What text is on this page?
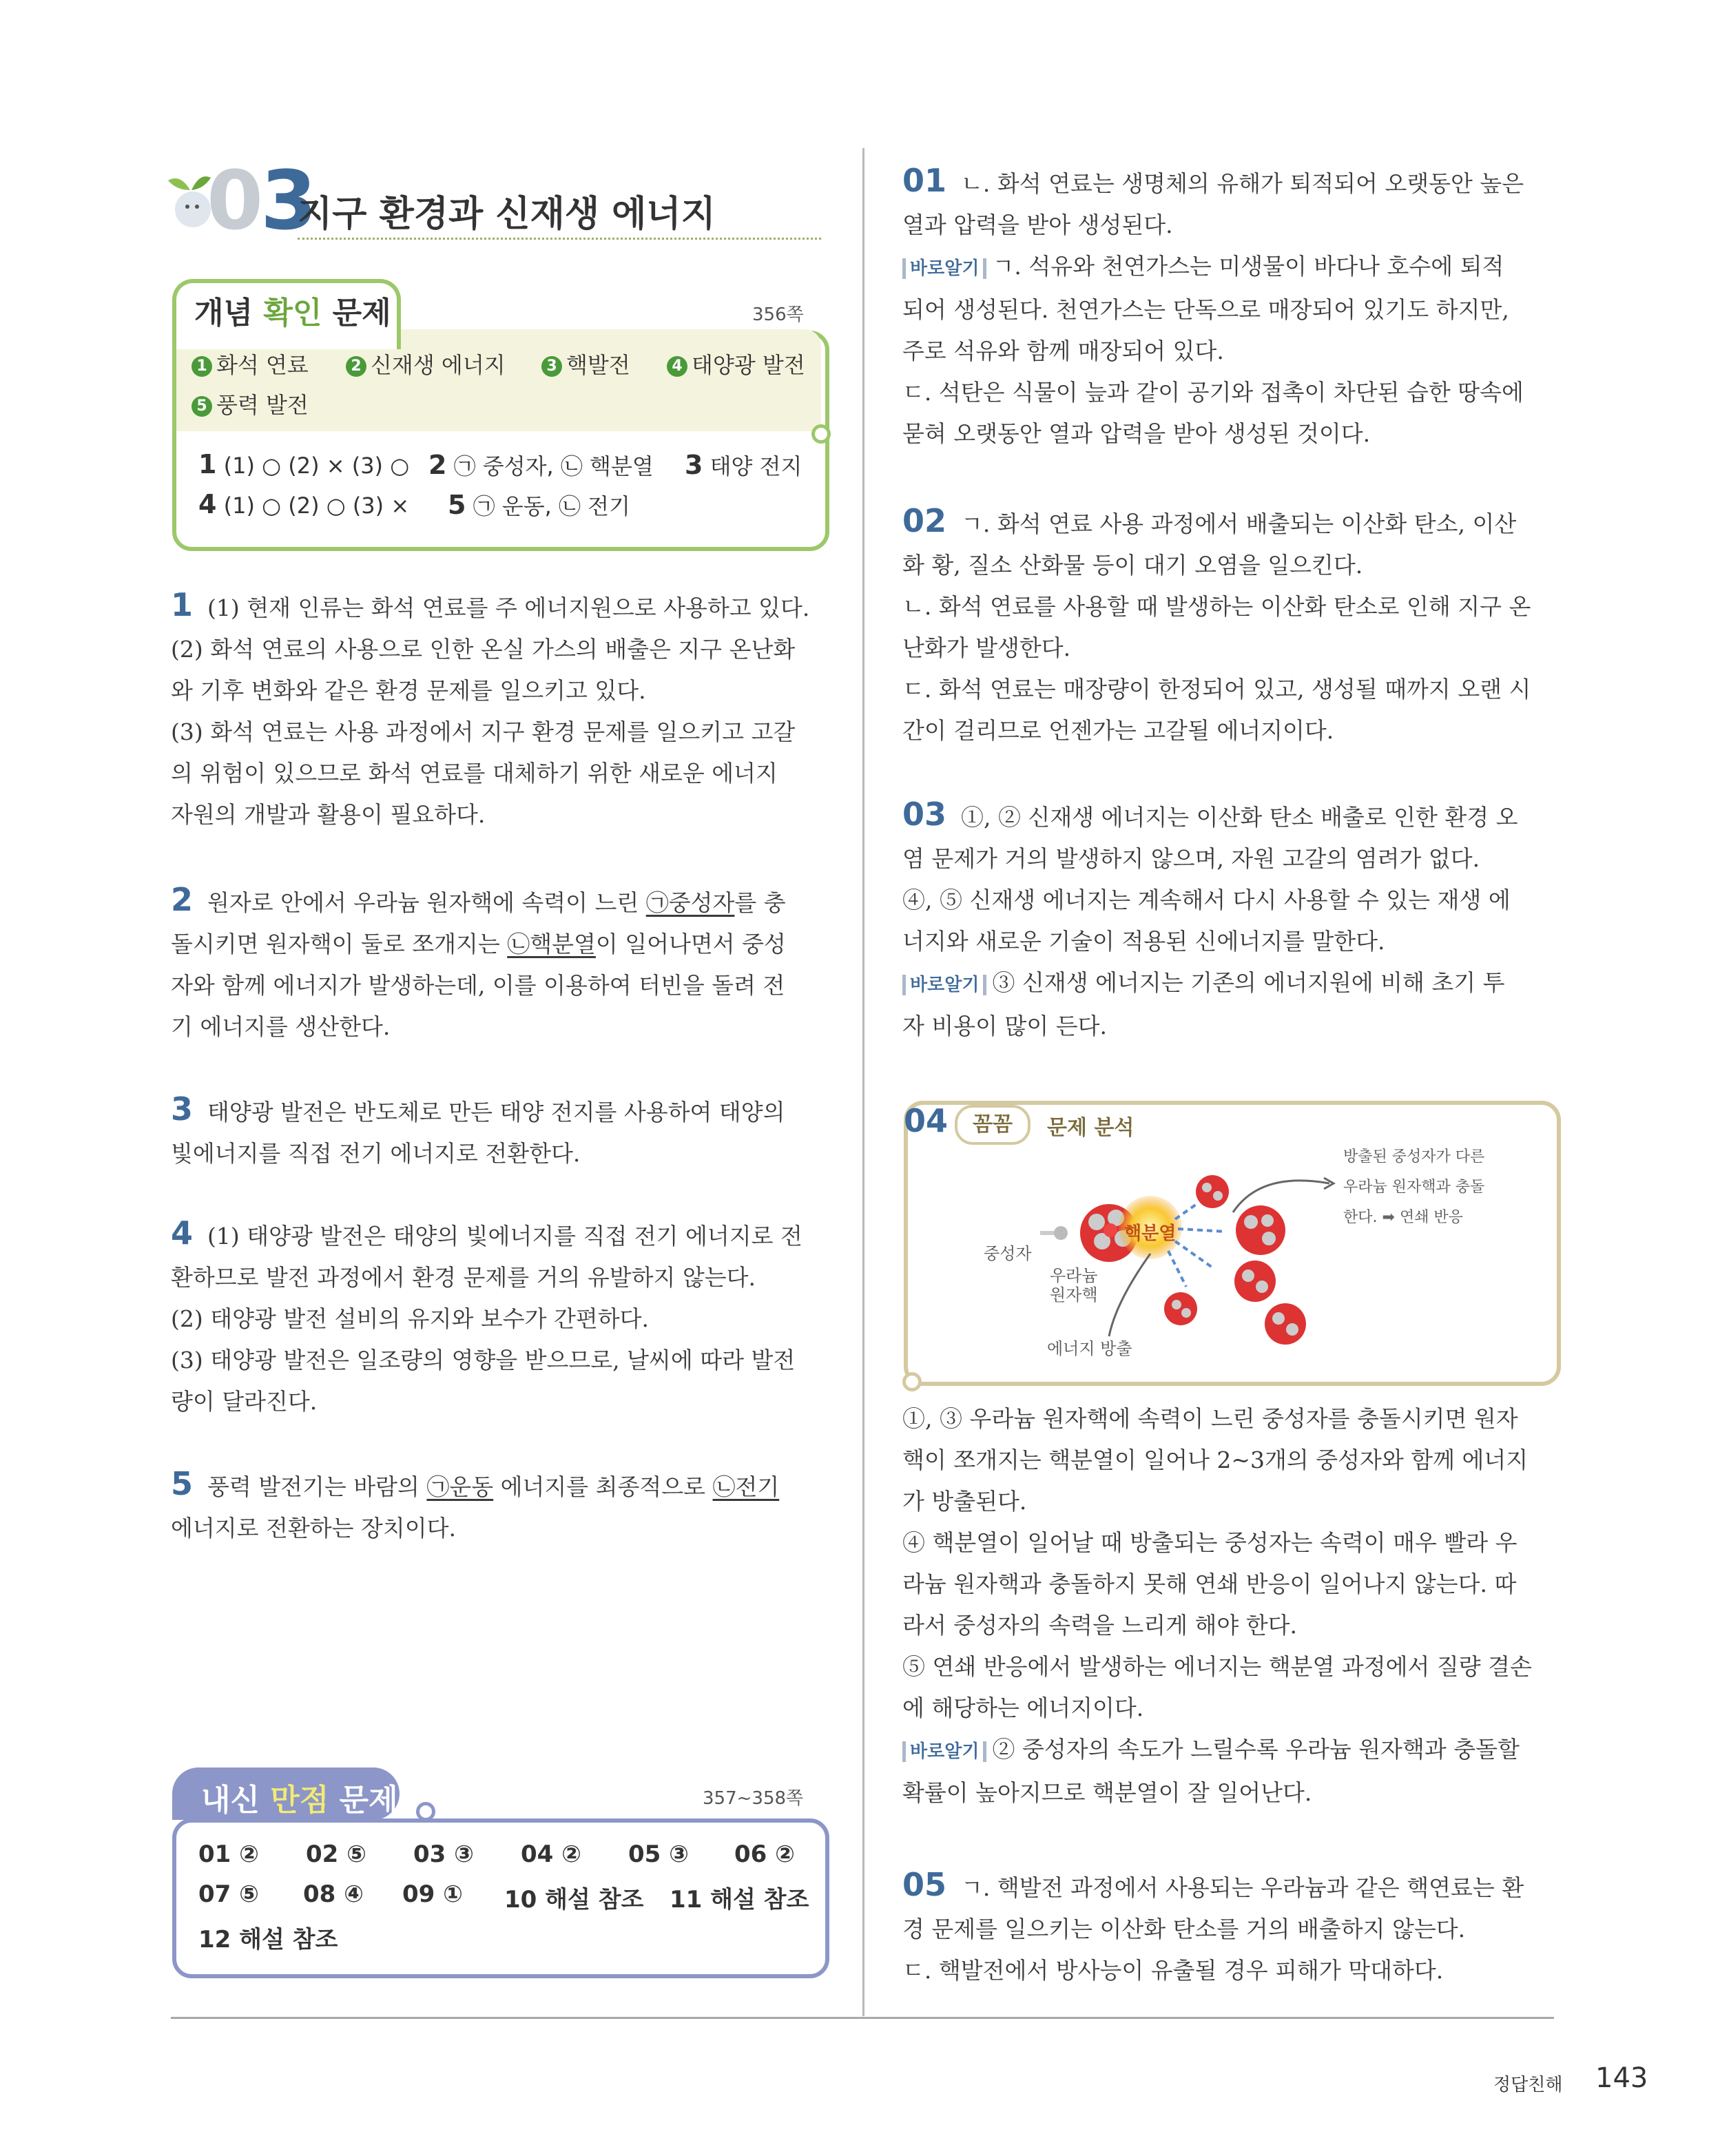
03
지구 환경과 신재생 에너지
개념 확인 문제	356쪽
1 화석 연료	2 신재생 에너지	3 핵발전	4 태양광 발전
5 풍력 발전
1 (1) ○ (2) × (3) ○ 2 ㉠ 중성자, ㉡ 핵분열 3 태양 전지
4 (1) ○ (2) ○ (3) × 5 ㉠ 운동, ㉡ 전기
1 (1) 현재 인류는 화석 연료를 주 에너지원으로 사용하고 있다.
(2) 화석 연료의 사용으로 인한 온실 가스의 배출은 지구 온난화
와 기후 변화와 같은 환경 문제를 일으키고 있다.
(3) 화석 연료는 사용 과정에서 지구 환경 문제를 일으키고 고갈
의 위험이 있으므로 화석 연료를 대체하기 위한 새로운 에너지
자원의 개발과 활용이 필요하다.
2 원자로 안에서 우라늄 원자핵에 속력이 느린 ㉠중성자를 충
돌시키면 원자핵이 둘로 쪼개지는 ㉡핵분열이 일어나면서 중성
자와 함께 에너지가 발생하는데, 이를 이용하여 터빈을 돌려 전
기 에너지를 생산한다.
3 태양광 발전은 반도체로 만든 태양 전지를 사용하여 태양의
빛에너지를 직접 전기 에너지로 전환한다.
4 (1) 태양광 발전은 태양의 빛에너지를 직접 전기 에너지로 전
환하므로 발전 과정에서 환경 문제를 거의 유발하지 않는다.
(2) 태양광 발전 설비의 유지와 보수가 간편하다.
(3) 태양광 발전은 일조량의 영향을 받으므로, 날씨에 따라 발전
량이 달라진다.
5 풍력 발전기는 바람의 ㉠운동 에너지를 최종적으로 ㉡전기
에너지로 전환하는 장치이다.
내신 만점 문제	357~358쪽
01 ② 02 ⑤ 03 ③ 04 ② 05 ③ 06 ②
07 ⑤ 08 ④ 09 ① 10 해설 참조 11 해설 참조
12 해설 참조
01 ㄴ. 화석 연료는 생명체의 유해가 퇴적되어 오랫동안 높은
열과 압력을 받아 생성된다.
바로알기 ㄱ. 석유와 천연가스는 미생물이 바다나 호수에 퇴적
되어 생성된다. 천연가스는 단독으로 매장되어 있기도 하지만,
주로 석유와 함께 매장되어 있다.
ㄷ. 석탄은 식물이 늪과 같이 공기와 접촉이 차단된 습한 땅속에
묻혀 오랫동안 열과 압력을 받아 생성된 것이다.
02 ㄱ. 화석 연료 사용 과정에서 배출되는 이산화 탄소, 이산
화 황, 질소 산화물 등이 대기 오염을 일으킨다.
ㄴ. 화석 연료를 사용할 때 발생하는 이산화 탄소로 인해 지구 온
난화가 발생한다.
ㄷ. 화석 연료는 매장량이 한정되어 있고, 생성될 때까지 오랜 시
간이 걸리므로 언젠가는 고갈될 에너지이다.
03 ①, ② 신재생 에너지는 이산화 탄소 배출로 인한 환경 오
염 문제가 거의 발생하지 않으며, 자원 고갈의 염려가 없다.
④, ⑤ 신재생 에너지는 계속해서 다시 사용할 수 있는 재생 에
너지와 새로운 기술이 적용된 신에너지를 말한다.
바로알기 ③ 신재생 에너지는 기존의 에너지원에 비해 초기 투
자 비용이 많이 든다.
04	꼼꼼	문제 분석
중성자
우라늄
원자핵
핵분열
에너지 방출
방출된 중성자가 다른
우라늄 원자핵과 충돌
한다. ➡ 연쇄 반응
①, ③ 우라늄 원자핵에 속력이 느린 중성자를 충돌시키면 원자
핵이 쪼개지는 핵분열이 일어나 2~3개의 중성자와 함께 에너지
가 방출된다.
④ 핵분열이 일어날 때 방출되는 중성자는 속력이 매우 빨라 우
라늄 원자핵과 충돌하지 못해 연쇄 반응이 일어나지 않는다. 따
라서 중성자의 속력을 느리게 해야 한다.
⑤ 연쇄 반응에서 발생하는 에너지는 핵분열 과정에서 질량 결손
에 해당하는 에너지이다.
바로알기 ② 중성자의 속도가 느릴수록 우라늄 원자핵과 충돌할
확률이 높아지므로 핵분열이 잘 일어난다.
05 ㄱ. 핵발전 과정에서 사용되는 우라늄과 같은 핵연료는 환
경 문제를 일으키는 이산화 탄소를 거의 배출하지 않는다.
ㄷ. 핵발전에서 방사능이 유출될 경우 피해가 막대하다.
정답친해 143
